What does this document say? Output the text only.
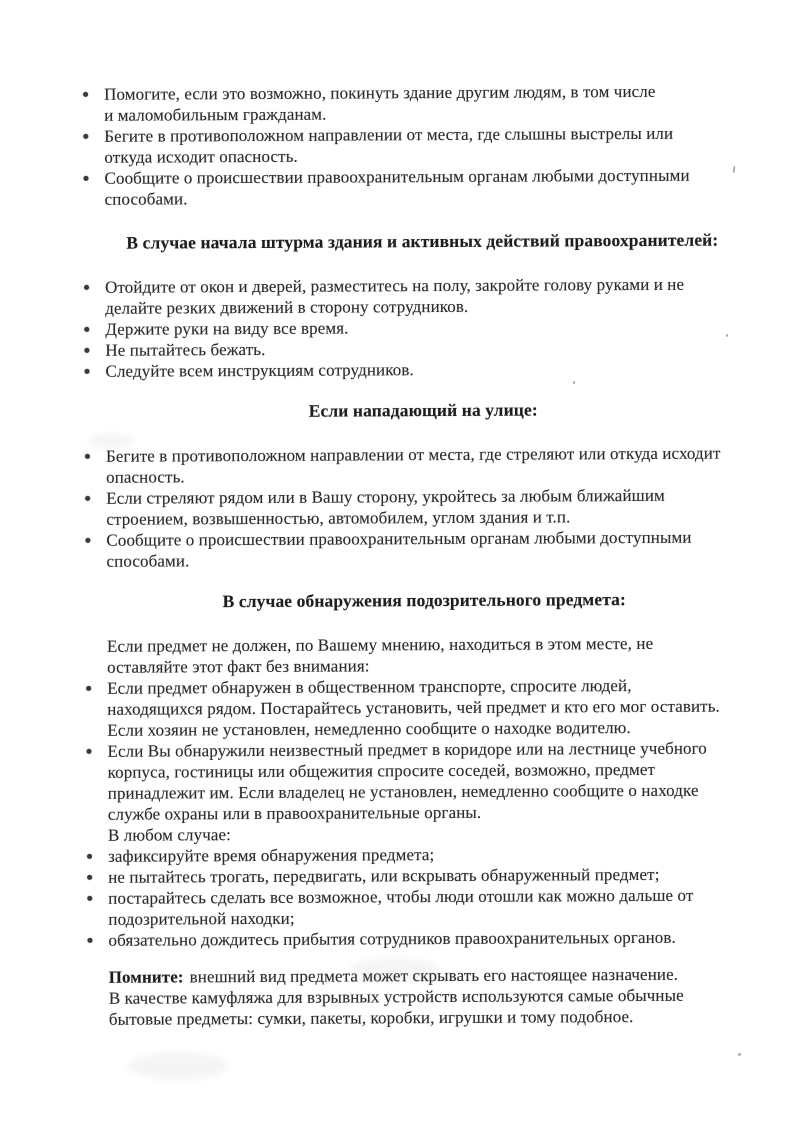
Помогите, если это возможно, покинуть здание другим людям, в том числе
и маломобильным гражданам.
Бегите в противоположном направлении от места, где слышны выстрелы или
откуда исходит опасность.
Сообщите о происшествии правоохранительным органам любыми доступными
способами.
В случае начала штурма здания и активных действий правоохранителей:
Отойдите от окон и дверей, разместитесь на полу, закройте голову руками и не
делайте резких движений в сторону сотрудников.
Держите руки на виду все время.
Не пытайтесь бежать.
Следуйте всем инструкциям сотрудников.
Если нападающий на улице:
Бегите в противоположном направлении от места, где стреляют или откуда исходит
опасность.
Если стреляют рядом или в Вашу сторону, укройтесь за любым ближайшим
строением, возвышенностью, автомобилем, углом здания и т.п.
Сообщите о происшествии правоохранительным органам любыми доступными
способами.
В случае обнаружения подозрительного предмета:
Если предмет не должен, по Вашему мнению, находиться в этом месте, не
оставляйте этот факт без внимания:
Если предмет обнаружен в общественном транспорте, спросите людей,
находящихся рядом. Постарайтесь установить, чей предмет и кто его мог оставить.
Если хозяин не установлен, немедленно сообщите о находке водителю.
Если Вы обнаружили неизвестный предмет в коридоре или на лестнице учебного
корпуса, гостиницы или общежития спросите соседей, возможно, предмет
принадлежит им. Если владелец не установлен, немедленно сообщите о находке
службе охраны или в правоохранительные органы.
В любом случае:
зафиксируйте время обнаружения предмета;
не пытайтесь трогать, передвигать, или вскрывать обнаруженный предмет;
постарайтесь сделать все возможное, чтобы люди отошли как можно дальше от
подозрительной находки;
обязательно дождитесь прибытия сотрудников правоохранительных органов.
Помните: внешний вид предмета может скрывать его настоящее назначение.
В качестве камуфляжа для взрывных устройств используются самые обычные
бытовые предметы: сумки, пакеты, коробки, игрушки и тому подобное.
